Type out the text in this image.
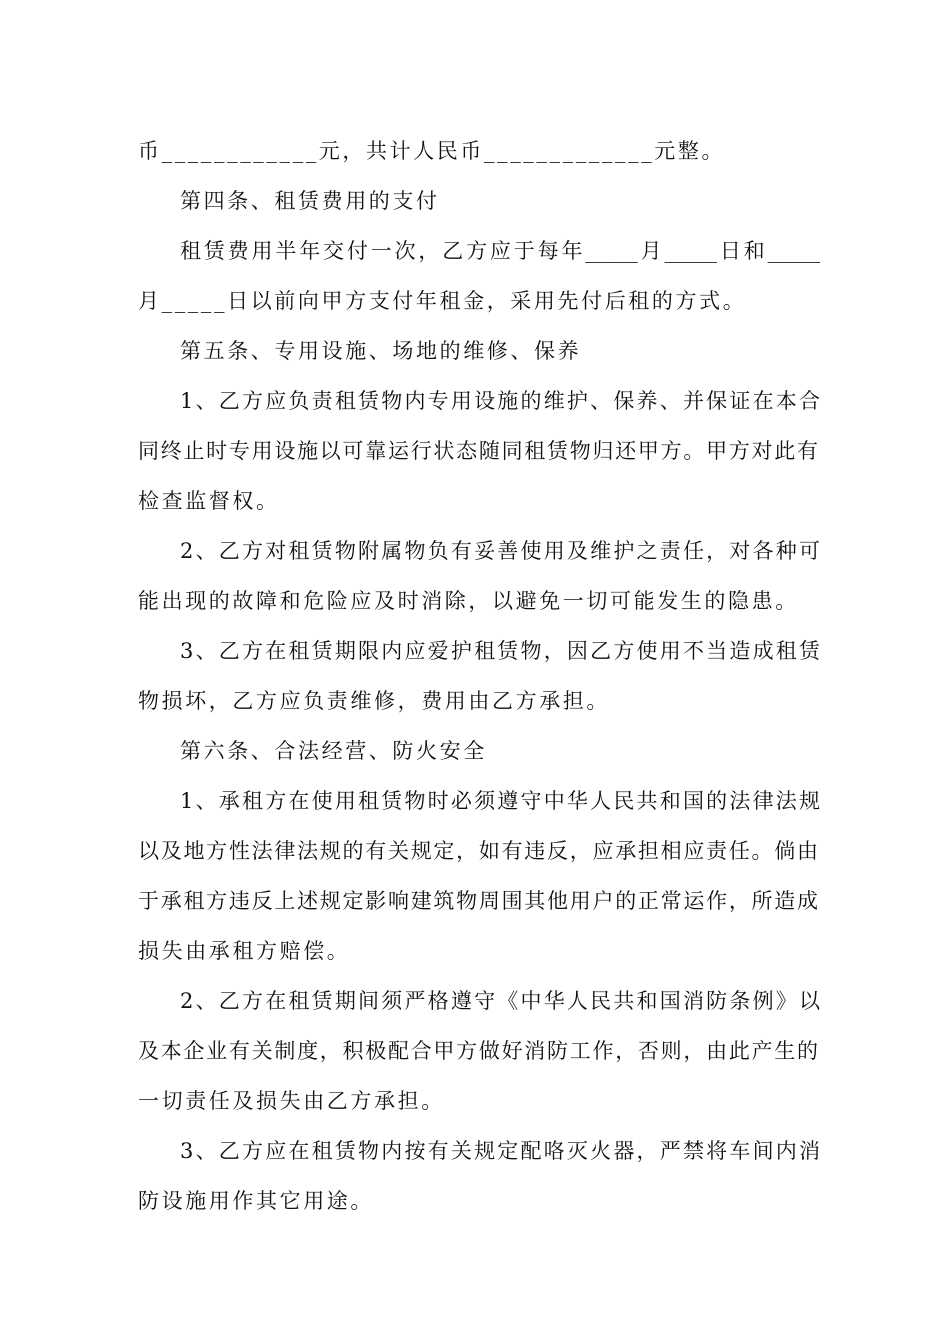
币____________元，共计人民币_____________元整。
第四条、租赁费用的支付
租赁费用半年交付一次，乙方应于每年_____月_____日和_____
月_____日以前向甲方支付年租金，采用先付后租的方式。
第五条、专用设施、场地的维修、保养
1、乙方应负责租赁物内专用设施的维护、保养、并保证在本合
同终止时专用设施以可靠运行状态随同租赁物归还甲方。甲方对此有
检查监督权。
2、乙方对租赁物附属物负有妥善使用及维护之责任，对各种可
能出现的故障和危险应及时消除，以避免一切可能发生的隐患。
3、乙方在租赁期限内应爱护租赁物，因乙方使用不当造成租赁
物损坏，乙方应负责维修，费用由乙方承担。
第六条、合法经营、防火安全
1、承租方在使用租赁物时必须遵守中华人民共和国的法律法规
以及地方性法律法规的有关规定，如有违反，应承担相应责任。倘由
于承租方违反上述规定影响建筑物周围其他用户的正常运作，所造成
损失由承租方赔偿。
2、乙方在租赁期间须严格遵守《中华人民共和国消防条例》以
及本企业有关制度，积极配合甲方做好消防工作，否则，由此产生的
一切责任及损失由乙方承担。
3、乙方应在租赁物内按有关规定配咯灭火器，严禁将车间内消
防设施用作其它用途。
